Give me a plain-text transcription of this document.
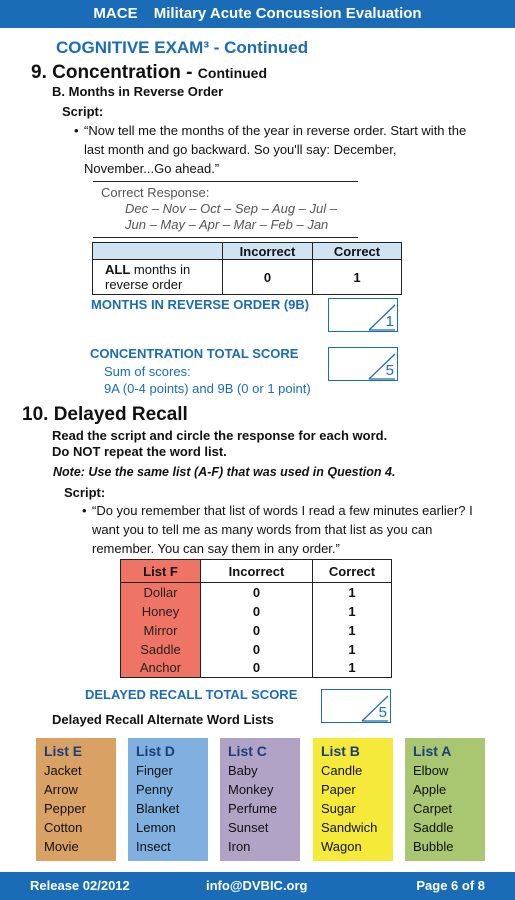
MACE Military Acute Concussion Evaluation
COGNITIVE EXAM³ - Continued
9. Concentration - Continued
B. Months in Reverse Order
Script:
• “Now tell me the months of the year in reverse order. Start with the last month and go backward. So you'll say: December, November...Go ahead.”
Correct Response:
Dec – Nov – Oct – Sep – Aug – Jul –
Jun – May – Apr – Mar – Feb – Jan
	Incorrect	Correct
ALL months in reverse order	0	1
MONTHS IN REVERSE ORDER (9B)
1
CONCENTRATION TOTAL SCORE
Sum of scores:
9A (0-4 points) and 9B (0 or 1 point)
5
10. Delayed Recall
Read the script and circle the response for each word.
Do NOT repeat the word list.
Note: Use the same list (A-F) that was used in Question 4.
Script:
• “Do you remember that list of words I read a few minutes earlier? I want you to tell me as many words from that list as you can remember. You can say them in any order.”
List F	Incorrect	Correct
Dollar	0	1
Honey	0	1
Mirror	0	1
Saddle	0	1
Anchor	0	1
DELAYED RECALL TOTAL SCORE
5
Delayed Recall Alternate Word Lists
List E
Jacket
Arrow
Pepper
Cotton
Movie
List D
Finger
Penny
Blanket
Lemon
Insect
List C
Baby
Monkey
Perfume
Sunset
Iron
List B
Candle
Paper
Sugar
Sandwich
Wagon
List A
Elbow
Apple
Carpet
Saddle
Bubble
Release 02/2012	info@DVBIC.org	Page 6 of 8
